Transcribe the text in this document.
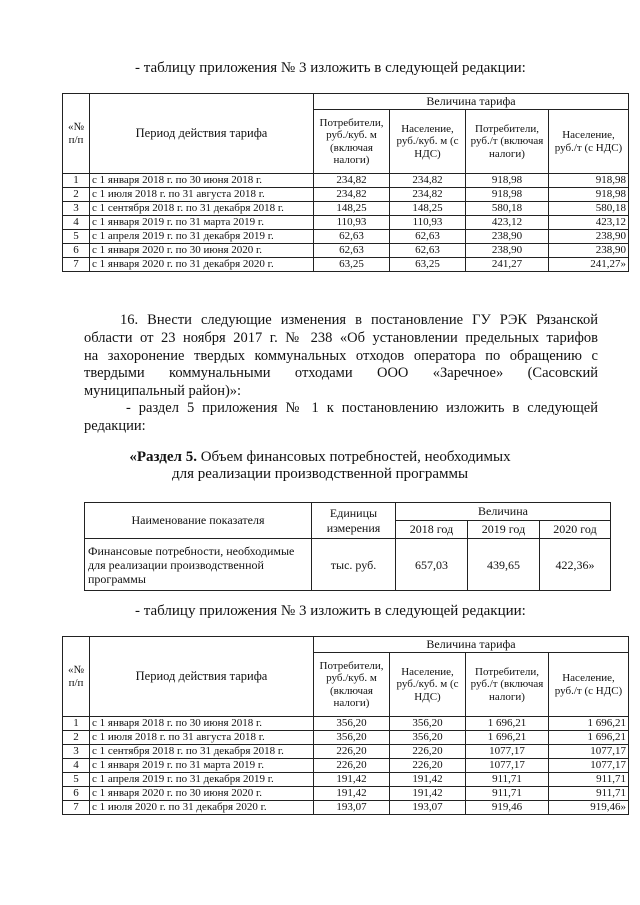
- таблицу приложения № 3 изложить в следующей редакции:
«№ п/п	Период действия тарифа	Величина тарифа			
		Потребители, руб./куб. м (включая налоги)	Население, руб./куб. м (с НДС)	Потребители, руб./т (включая налоги)	Население, руб./т (с НДС)
1	с 1 января 2018 г. по 30 июня 2018 г.	234,82	234,82	918,98	918,98
2	с 1 июля 2018 г. по 31 августа 2018 г.	234,82	234,82	918,98	918,98
3	с 1 сентября 2018 г. по 31 декабря 2018 г.	148,25	148,25	580,18	580,18
4	с 1 января 2019 г. по 31 марта 2019 г.	110,93	110,93	423,12	423,12
5	с 1 апреля 2019 г. по 31 декабря 2019 г.	62,63	62,63	238,90	238,90
6	с 1 января 2020 г. по 30 июня 2020 г.	62,63	62,63	238,90	238,90
7	с 1 января 2020 г. по 31 декабря 2020 г.	63,25	63,25	241,27	241,27»
16. Внести следующие изменения в постановление ГУ РЭК Рязанской
области от 23 ноября 2017 г. № 238 «Об установлении предельных тарифов
на захоронение твердых коммунальных отходов оператора по обращению с
твердыми коммунальными отходами ООО «Заречное» (Сасовский
муниципальный район)»:
- раздел 5 приложения № 1 к постановлению изложить в следующей
редакции:
«Раздел 5. Объем финансовых потребностей, необходимых
для реализации производственной программы
Наименование показателя	Единицы измерения	Величина		
		2018 год	2019 год	2020 год
Финансовые потребности, необходимые для реализации производственной программы	тыс. руб.	657,03	439,65	422,36»
- таблицу приложения № 3 изложить в следующей редакции:
«№ п/п	Период действия тарифа	Величина тарифа			
		Потребители, руб./куб. м (включая налоги)	Население, руб./куб. м (с НДС)	Потребители, руб./т (включая налоги)	Население, руб./т (с НДС)
1	с 1 января 2018 г. по 30 июня 2018 г.	356,20	356,20	1 696,21	1 696,21
2	с 1 июля 2018 г. по 31 августа 2018 г.	356,20	356,20	1 696,21	1 696,21
3	с 1 сентября 2018 г. по 31 декабря 2018 г.	226,20	226,20	1077,17	1077,17
4	с 1 января 2019 г. по 31 марта 2019 г.	226,20	226,20	1077,17	1077,17
5	с 1 апреля 2019 г. по 31 декабря 2019 г.	191,42	191,42	911,71	911,71
6	с 1 января 2020 г. по 30 июня 2020 г.	191,42	191,42	911,71	911,71
7	с 1 июля 2020 г. по 31 декабря 2020 г.	193,07	193,07	919,46	919,46»
